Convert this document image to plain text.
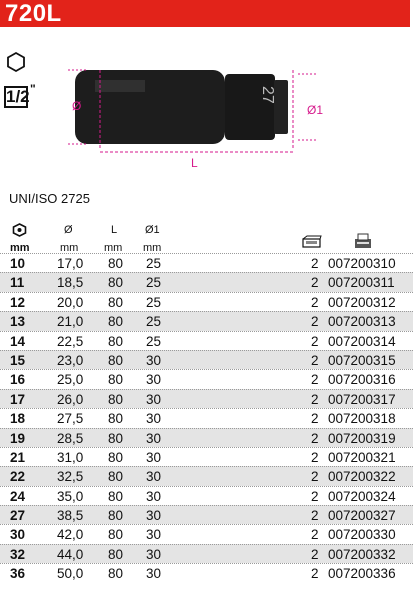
720L
1/2 "	27
Ø	Ø1
L
UNI/ISO 2725
Ø	L	Ø1
mm	mm mm mm
10 17,0 80 25	2 007200310
11 18,5 80 25	2 007200311
12 20,0 80 25	2 007200312
13 21,0 80 25	2 007200313
14 22,5 80 25	2 007200314
15 23,0 80 30	2 007200315
16 25,0 80 30	2 007200316
17 26,0 80 30	2 007200317
18 27,5 80 30	2 007200318
19 28,5 80 30	2 007200319
21 31,0 80 30	2 007200321
22 32,5 80 30	2 007200322
24 35,0 80 30	2 007200324
27 38,5 80 30	2 007200327
30 42,0 80 30	2 007200330
32 44,0 80 30	2 007200332
36 50,0 80 30	2 007200336
